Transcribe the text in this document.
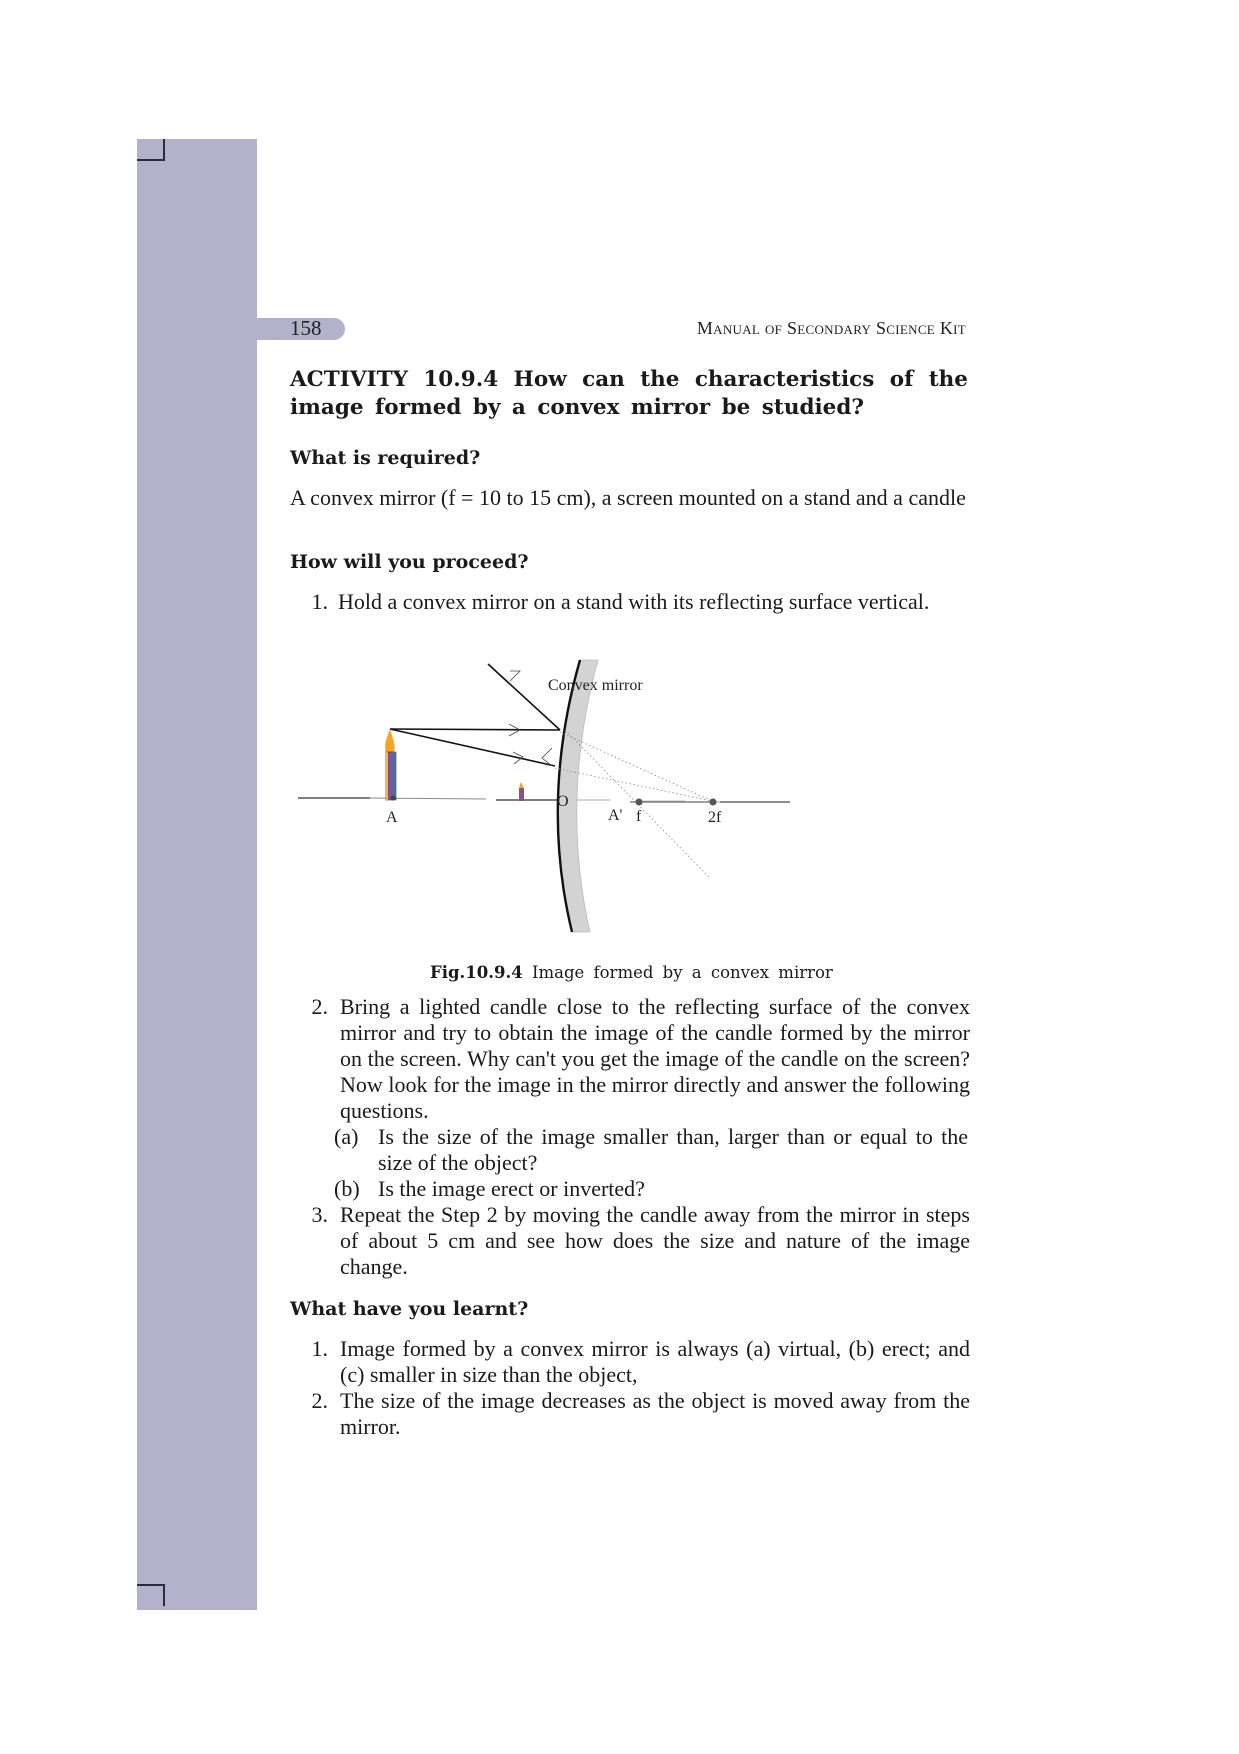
158	Manual of Secondary Science Kit
ACTIVITY 10.9.4 How can the characteristics of the image formed by a convex mirror be studied?
What is required?
A convex mirror (f = 10 to 15 cm), a screen mounted on a stand and a candle
How will you proceed?
1. Hold a convex mirror on a stand with its reflecting surface vertical.
Convex mirror
A
O
A' f	2f
Fig.10.9.4 Image formed by a convex mirror
2. Bring a lighted candle close to the reflecting surface of the convex mirror and try to obtain the image of the candle formed by the mirror on the screen. Why can't you get the image of the candle on the screen? Now look for the image in the mirror directly and answer the following questions.
(a) Is the size of the image smaller than, larger than or equal to the size of the object?
(b) Is the image erect or inverted?
3. Repeat the Step 2 by moving the candle away from the mirror in steps of about 5 cm and see how does the size and nature of the image change.
What have you learnt?
1. Image formed by a convex mirror is always (a) virtual, (b) erect; and (c) smaller in size than the object,
2. The size of the image decreases as the object is moved away from the mirror.
